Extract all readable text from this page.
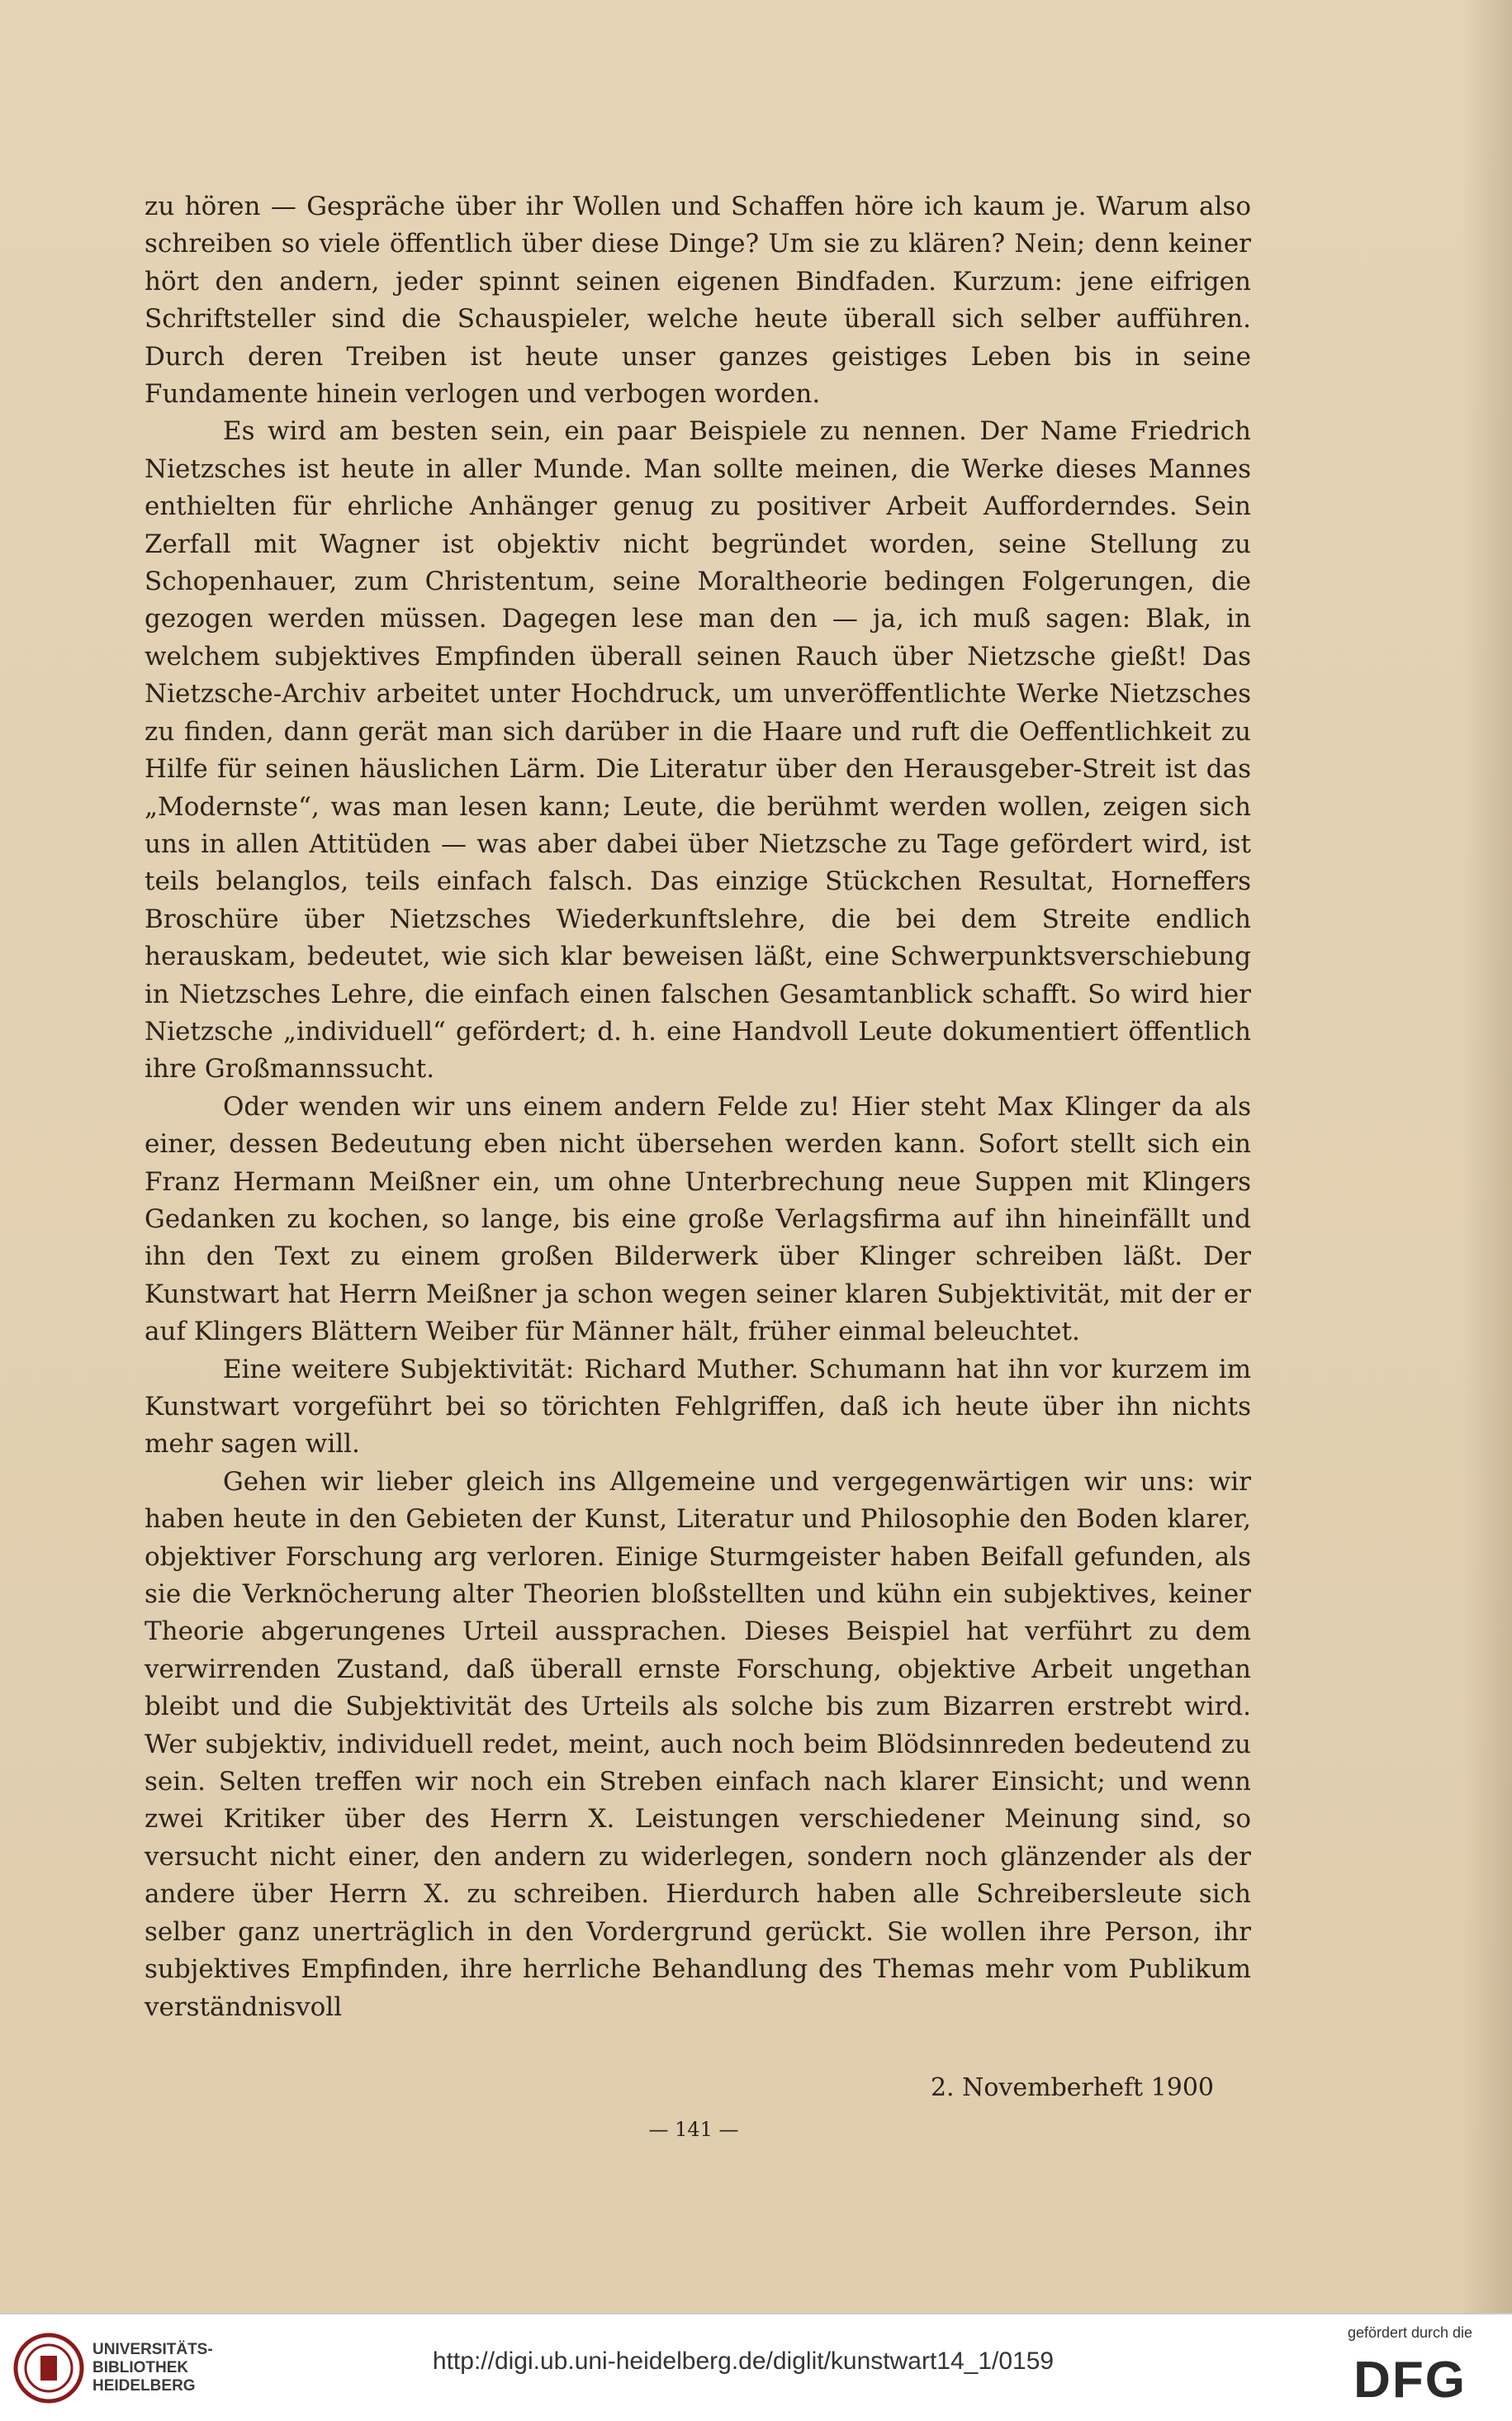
zu hören — Gespräche über ihr Wollen und Schaffen höre ich kaum je. Warum also schreiben so viele öffentlich über diese Dinge? Um sie zu klären? Nein; denn keiner hört den andern, jeder spinnt seinen eigenen Bindfaden. Kurzum: jene eifrigen Schriftsteller sind die Schauspieler, welche heute überall sich selber aufführen. Durch deren Treiben ist heute unser ganzes geistiges Leben bis in seine Fundamente hinein verlogen und verbogen worden.

Es wird am besten sein, ein paar Beispiele zu nennen. Der Name Friedrich Nietzsches ist heute in aller Munde. Man sollte meinen, die Werke dieses Mannes enthielten für ehrliche Anhänger genug zu positiver Arbeit Aufforderndes. Sein Zerfall mit Wagner ist objektiv nicht begründet worden, seine Stellung zu Schopenhauer, zum Christentum, seine Moraltheorie bedingen Folgerungen, die gezogen werden müssen. Dagegen lese man den — ja, ich muß sagen: Blak, in welchem subjektives Empfinden überall seinen Rauch über Nietzsche gießt! Das Nietzsche-Archiv arbeitet unter Hochdruck, um unveröffentlichte Werke Nietzsches zu finden, dann gerät man sich darüber in die Haare und ruft die Oeffentlichkeit zu Hilfe für seinen häuslichen Lärm. Die Literatur über den Herausgeber-Streit ist das „Modernste“, was man lesen kann; Leute, die berühmt werden wollen, zeigen sich uns in allen Attitüden — was aber dabei über Nietzsche zu Tage gefördert wird, ist teils belanglos, teils einfach falsch. Das einzige Stückchen Resultat, Horneffers Broschüre über Nietzsches Wiederkunftslehre, die bei dem Streite endlich herauskam, bedeutet, wie sich klar beweisen läßt, eine Schwerpunktsverschiebung in Nietzsches Lehre, die einfach einen falschen Gesamtanblick schafft. So wird hier Nietzsche „individuell“ gefördert; d. h. eine Handvoll Leute dokumentiert öffentlich ihre Großmannssucht.

Oder wenden wir uns einem andern Felde zu! Hier steht Max Klinger da als einer, dessen Bedeutung eben nicht übersehen werden kann. Sofort stellt sich ein Franz Hermann Meißner ein, um ohne Unterbrechung neue Suppen mit Klingers Gedanken zu kochen, so lange, bis eine große Verlagsfirma auf ihn hineinfällt und ihn den Text zu einem großen Bilderwerk über Klinger schreiben läßt. Der Kunstwart hat Herrn Meißner ja schon wegen seiner klaren Subjektivität, mit der er auf Klingers Blättern Weiber für Männer hält, früher einmal beleuchtet.

Eine weitere Subjektivität: Richard Muther. Schumann hat ihn vor kurzem im Kunstwart vorgeführt bei so törichten Fehlgriffen, daß ich heute über ihn nichts mehr sagen will.

Gehen wir lieber gleich ins Allgemeine und vergegenwärtigen wir uns: wir haben heute in den Gebieten der Kunst, Literatur und Philosophie den Boden klarer, objektiver Forschung arg verloren. Einige Sturmgeister haben Beifall gefunden, als sie die Verknöcherung alter Theorien bloßstellten und kühn ein subjektives, keiner Theorie abgerungenes Urteil aussprachen. Dieses Beispiel hat verführt zu dem verwirrenden Zustand, daß überall ernste Forschung, objektive Arbeit ungethan bleibt und die Subjektivität des Urteils als solche bis zum Bizarren erstrebt wird. Wer subjektiv, individuell redet, meint, auch noch beim Blödsinnreden bedeutend zu sein. Selten treffen wir noch ein Streben einfach nach klarer Einsicht; und wenn zwei Kritiker über des Herrn X. Leistungen verschiedener Meinung sind, so versucht nicht einer, den andern zu widerlegen, sondern noch glänzender als der andere über Herrn X. zu schreiben. Hierdurch haben alle Schreibersleute sich selber ganz unerträglich in den Vordergrund gerückt. Sie wollen ihre Person, ihr subjektives Empfinden, ihre herrliche Behandlung des Themas mehr vom Publikum verständnisvoll

2. Novemberheft 1900
— 141 —
UNIVERSITÄTS-
BIBLIOTHEK
HEIDELBERG
http://digi.ub.uni-heidelberg.de/diglit/kunstwart14_1/0159
gefördert durch die
DFG
